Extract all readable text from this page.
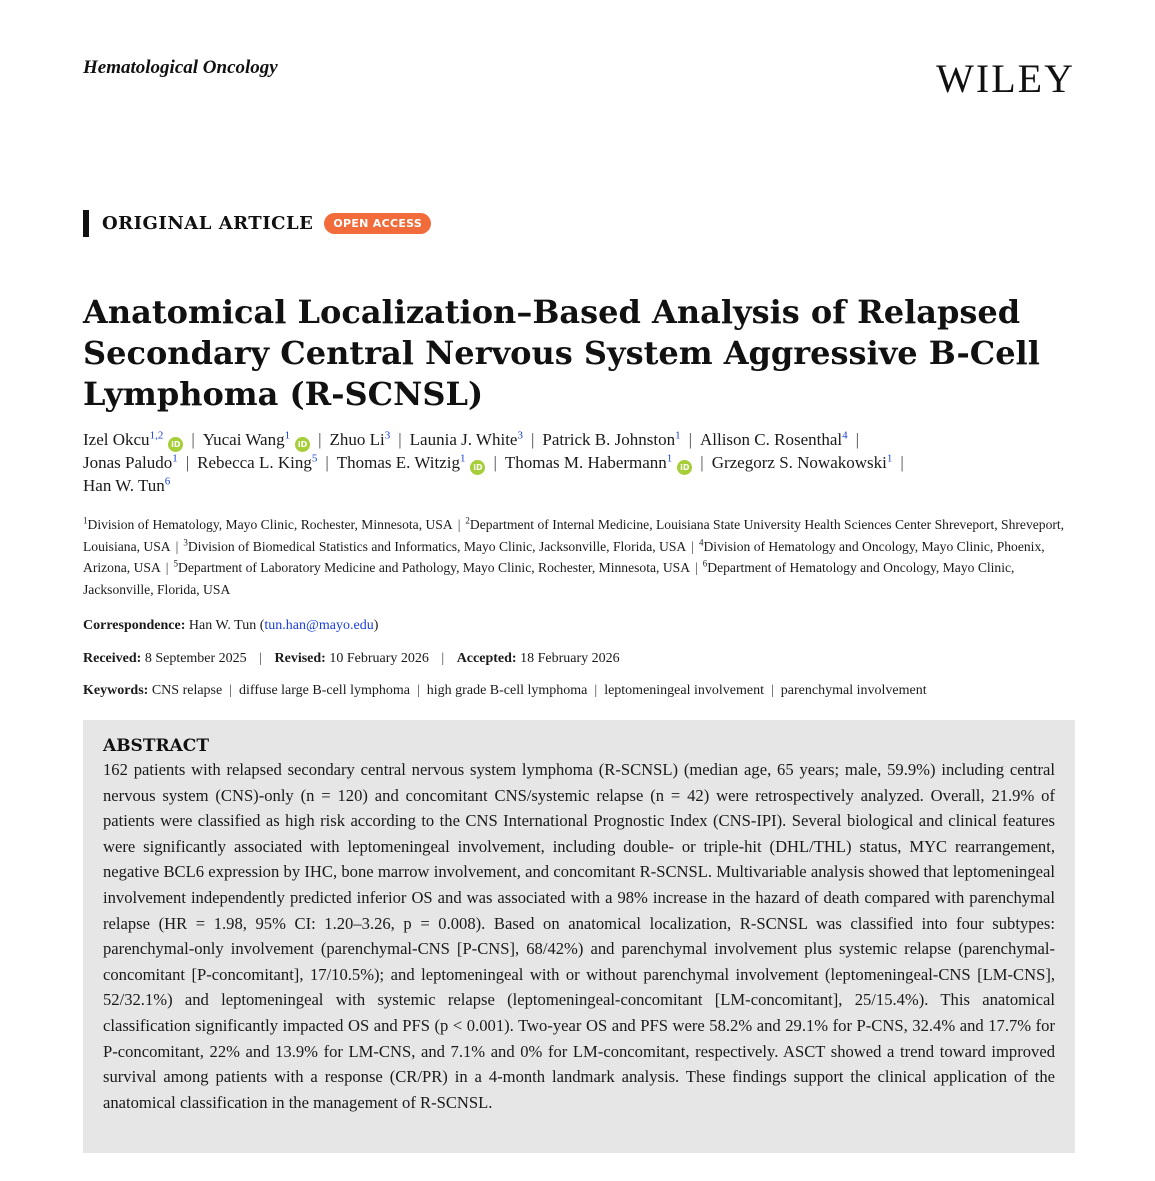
Hematological Oncology	WILEY
ORIGINAL ARTICLE	OPEN ACCESS
Anatomical Localization–Based Analysis of Relapsed Secondary Central Nervous System Aggressive B-Cell Lymphoma (R-SCNSL)
Izel Okcu$^{1,2}$iD | Yucai Wang$^1$iD | Zhuo Li$^3$ | Launia J. White$^3$ | Patrick B. Johnston$^1$ | Allison C. Rosenthal$^4$ |
Jonas Paludo$^1$ | Rebecca L. King$^5$ | Thomas E. Witzig$^1$iD | Thomas M. Habermann$^1$iD | Grzegorz S. Nowakowski$^1$ |
Han W. Tun$^6$
$^1$Division of Hematology, Mayo Clinic, Rochester, Minnesota, USA | $^2$Department of Internal Medicine, Louisiana State University Health Sciences Center Shreveport, Shreveport, Louisiana, USA | $^3$Division of Biomedical Statistics and Informatics, Mayo Clinic, Jacksonville, Florida, USA | $^4$Division of Hematology and Oncology, Mayo Clinic, Phoenix, Arizona, USA | $^5$Department of Laboratory Medicine and Pathology, Mayo Clinic, Rochester, Minnesota, USA | $^6$Department of Hematology and Oncology, Mayo Clinic, Jacksonville, Florida, USA
Correspondence: Han W. Tun (tun.han@mayo.edu)
Received: 8 September 2025 | Revised: 10 February 2026 | Accepted: 18 February 2026
Keywords: CNS relapse | diffuse large B-cell lymphoma | high grade B-cell lymphoma | leptomeningeal involvement | parenchymal involvement
ABSTRACT

162 patients with relapsed secondary central nervous system lymphoma (R-SCNSL) (median age, 65 years; male, 59.9%) including central nervous system (CNS)-only (n = 120) and concomitant CNS/systemic relapse (n = 42) were retrospectively analyzed. Overall, 21.9% of patients were classified as high risk according to the CNS International Prognostic Index (CNS-IPI). Several biological and clinical features were significantly associated with leptomeningeal involvement, including double- or triple-hit (DHL/THL) status, MYC rearrangement, negative BCL6 expression by IHC, bone marrow involvement, and concomitant R-SCNSL. Multivariable analysis showed that leptomeningeal involvement independently predicted inferior OS and was associated with a 98% increase in the hazard of death compared with parenchymal relapse (HR = 1.98, 95% CI: 1.20–3.26, p = 0.008). Based on anatomical localization, R-SCNSL was classified into four subtypes: parenchymal-only involvement (parenchymal-CNS [P-CNS], 68/42%) and parenchymal involvement plus systemic relapse (parenchymal-concomitant [P-concomitant], 17/10.5%); and leptomeningeal with or without parenchymal involvement (leptomeningeal-CNS [LM-CNS], 52/32.1%) and leptomeningeal with systemic relapse (leptomeningeal-concomitant [LM-concomitant], 25/15.4%). This anatomical classification significantly impacted OS and PFS (p < 0.001). Two-year OS and PFS were 58.2% and 29.1% for P-CNS, 32.4% and 17.7% for P-concomitant, 22% and 13.9% for LM-CNS, and 7.1% and 0% for LM-concomitant, respectively. ASCT showed a trend toward improved survival among patients with a response (CR/PR) in a 4-month landmark analysis. These findings support the clinical application of the anatomical classification in the management of R-SCNSL.
